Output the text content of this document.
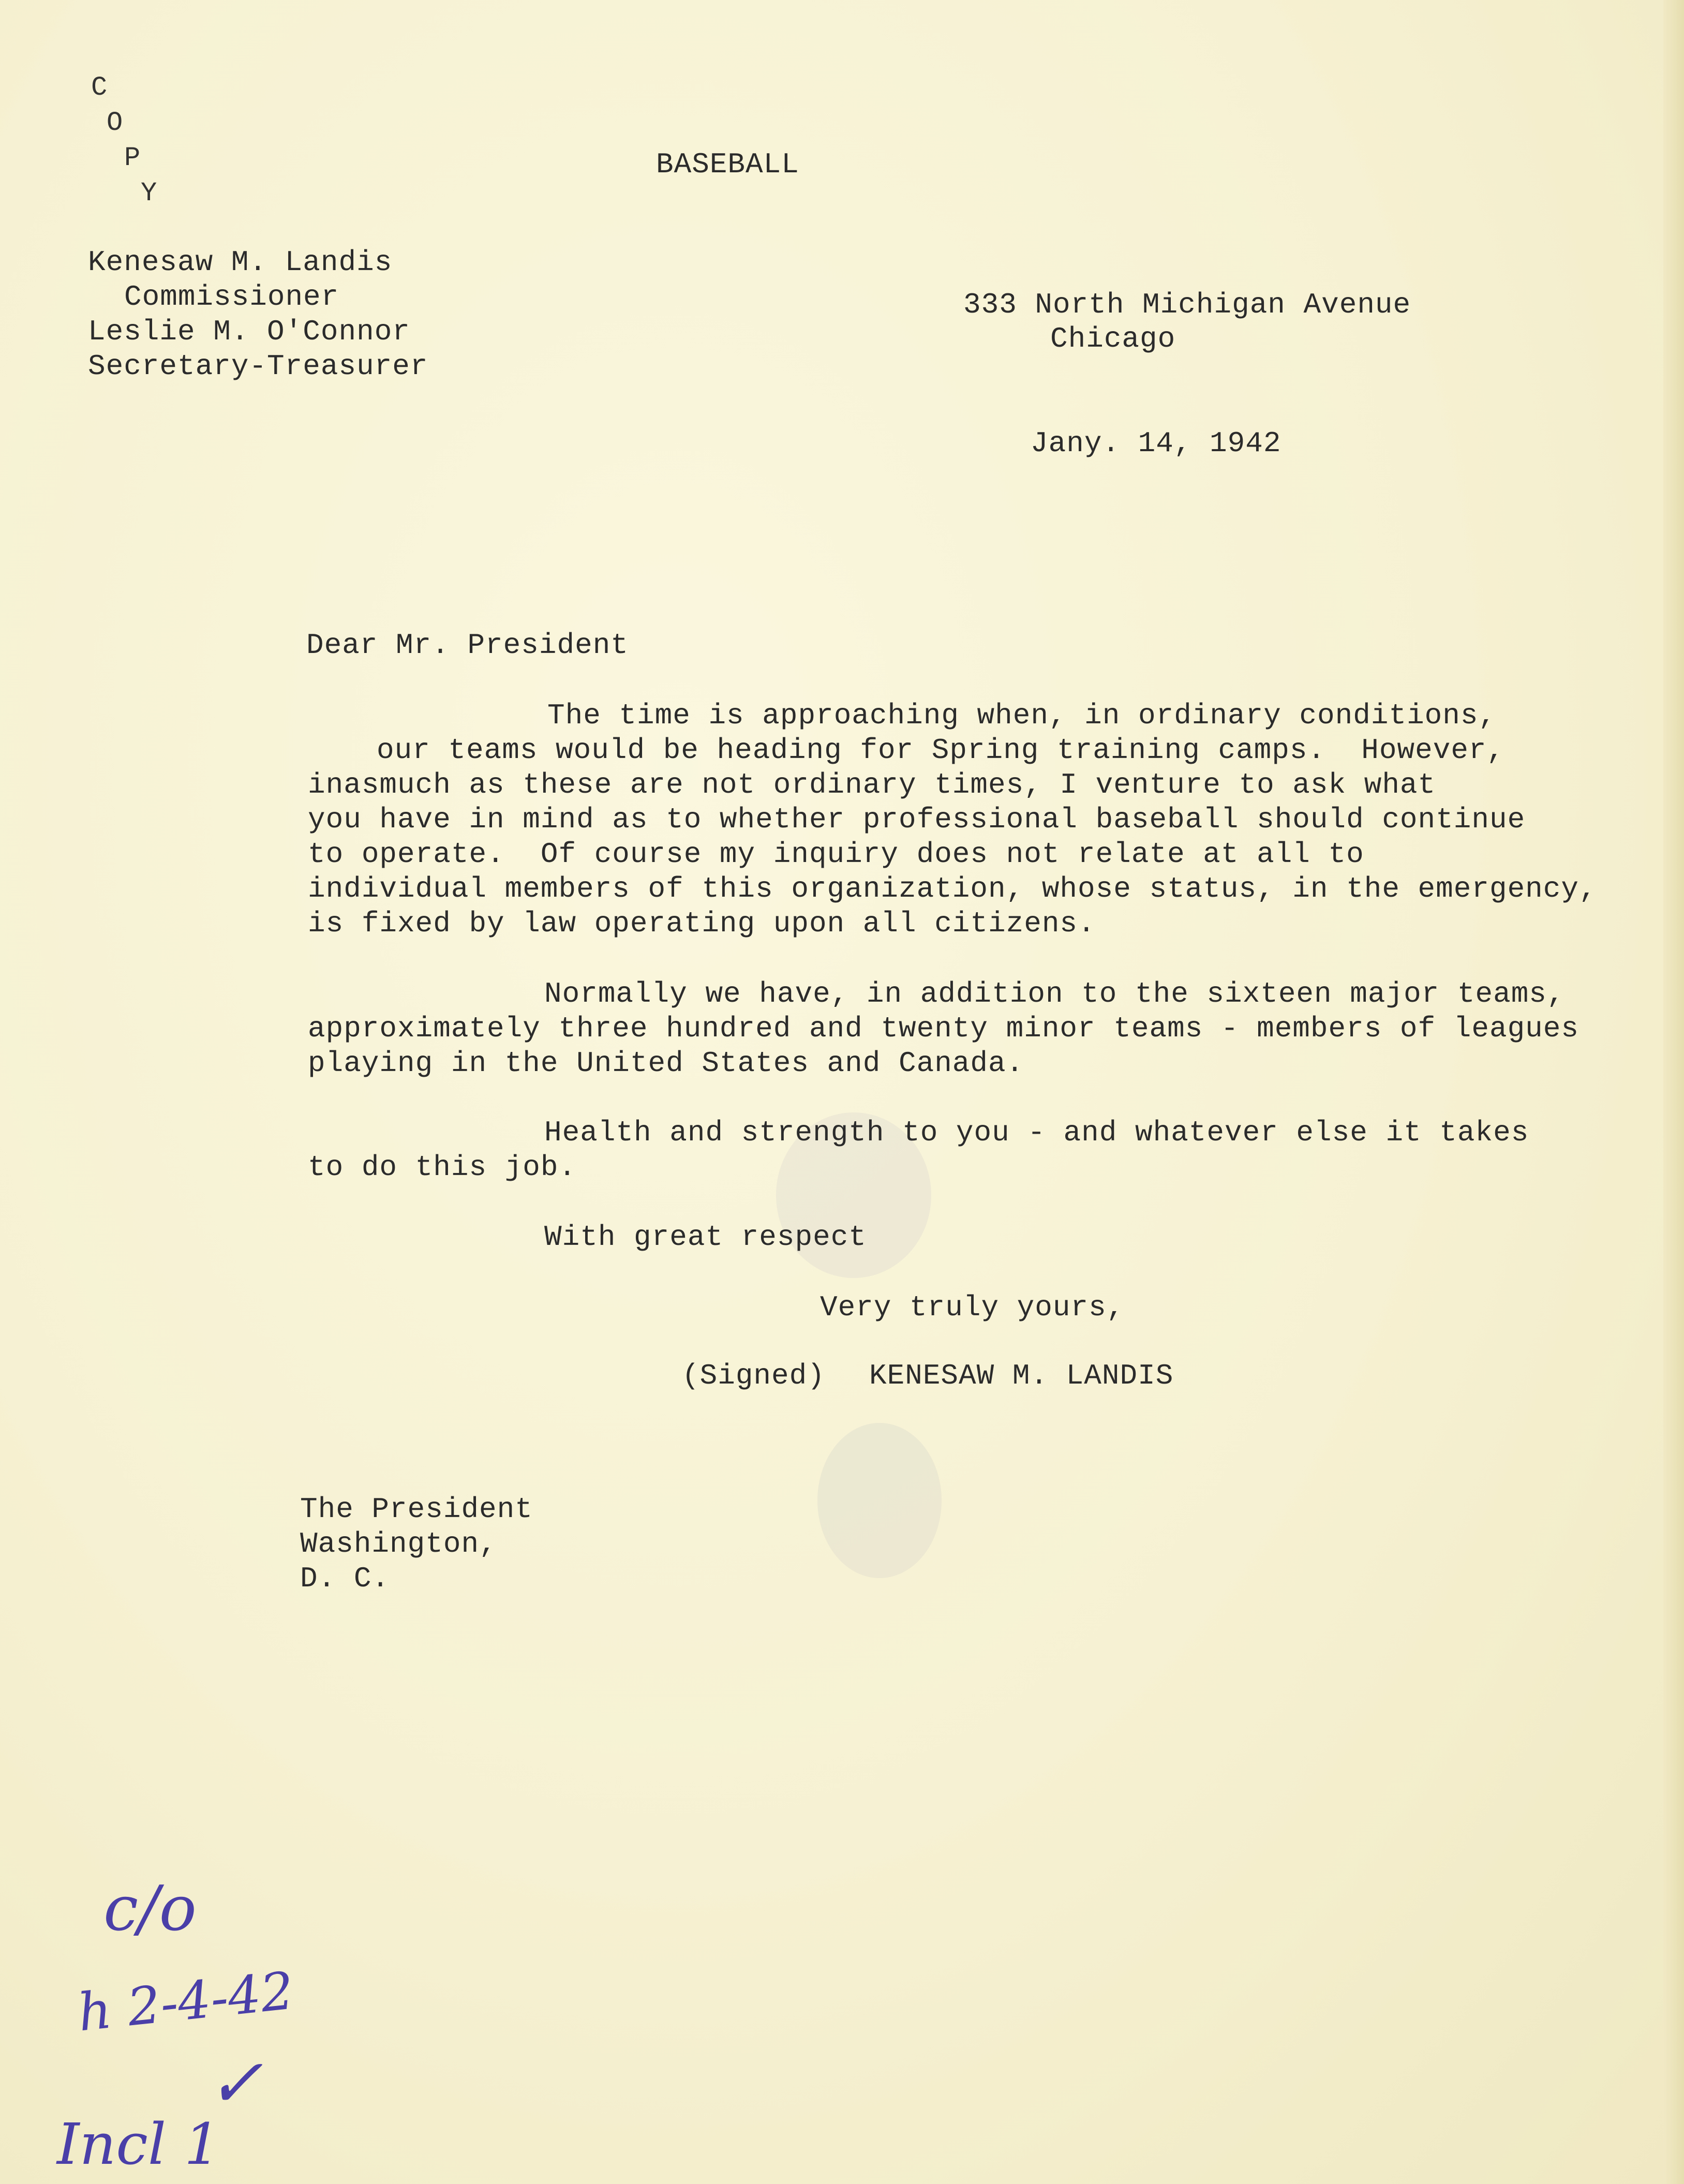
C
O
P
Y
BASEBALL
Kenesaw M. Landis
Commissioner
Leslie M. O'Connor
Secretary-Treasurer
333 North Michigan Avenue
Chicago
Jany. 14, 1942
Dear Mr. President
The time is approaching when, in ordinary conditions,
our teams would be heading for Spring training camps.  However,
inasmuch as these are not ordinary times, I venture to ask what
you have in mind as to whether professional baseball should continue
to operate.  Of course my inquiry does not relate at all to
individual members of this organization, whose status, in the emergency,
is fixed by law operating upon all citizens.
Normally we have, in addition to the sixteen major teams,
approximately three hundred and twenty minor teams - members of leagues
playing in the United States and Canada.
Health and strength to you - and whatever else it takes
to do this job.
With great respect
Very truly yours,
(Signed) KENESAW M. LANDIS
The President
Washington,
D. C.
c/o
h 2-4-42
✓
Incl 1
